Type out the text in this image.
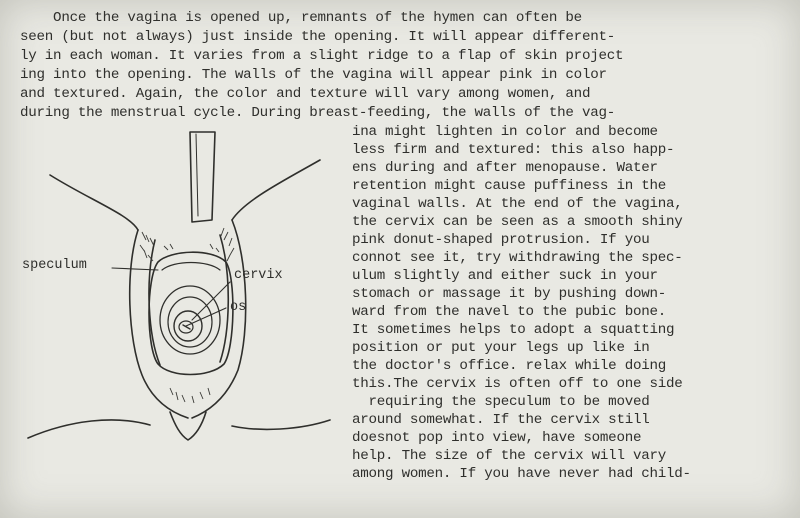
Once the vagina is opened up, remnants of the hymen can often be
seen (but not always) just inside the opening. It will appear different-
ly in each woman. It varies from a slight ridge to a flap of skin project
ing into the opening. The walls of the vagina will appear pink in color
and textured. Again, the color and texture will vary among women, and
during the menstrual cycle. During breast-feeding, the walls of the vag-
ina might lighten in color and become
less firm and textured: this also happ-
ens during and after menopause. Water
retention might cause puffiness in the
vaginal walls. At the end of the vagina,
the cervix can be seen as a smooth shiny
pink donut-shaped protrusion. If you
connot see it, try withdrawing the spec-
ulum slightly and either suck in your
stomach or massage it by pushing down-
ward from the navel to the pubic bone.
It sometimes helps to adopt a squatting
position or put your legs up like in
the doctor's office. relax while doing
this.The cervix is often off to one side
requiring the speculum to be moved
around somewhat. If the cervix still
doesnot pop into view, have someone
help. The size of the cervix will vary
among women. If you have never had child-
speculum
cervix
os
